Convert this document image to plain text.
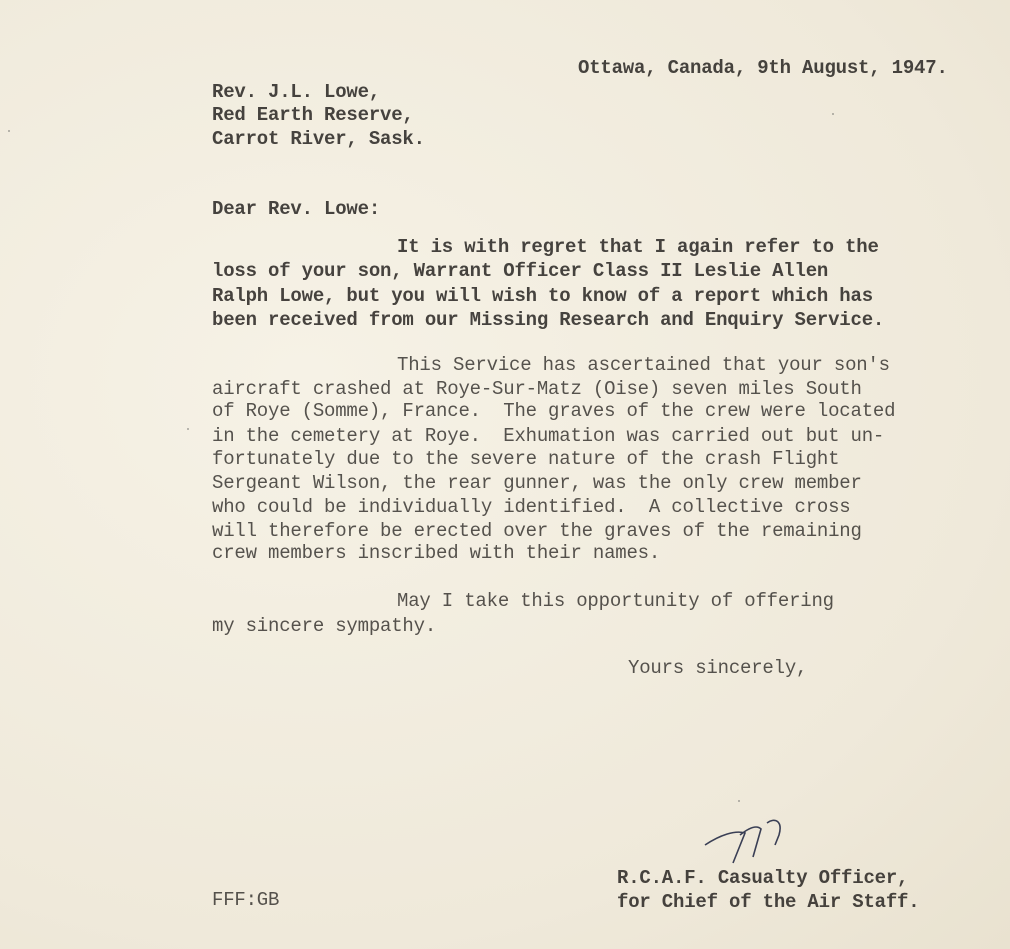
Ottawa, Canada, 9th August, 1947.
Rev. J.L. Lowe,
Red Earth Reserve,
Carrot River, Sask.
Dear Rev. Lowe:
It is with regret that I again refer to the
loss of your son, Warrant Officer Class II Leslie Allen
Ralph Lowe, but you will wish to know of a report which has
been received from our Missing Research and Enquiry Service.
This Service has ascertained that your son's
aircraft crashed at Roye-Sur-Matz (Oise) seven miles South
of Roye (Somme), France.  The graves of the crew were located
in the cemetery at Roye.  Exhumation was carried out but un-
fortunately due to the severe nature of the crash Flight
Sergeant Wilson, the rear gunner, was the only crew member
who could be individually identified.  A collective cross
will therefore be erected over the graves of the remaining
crew members inscribed with their names.
May I take this opportunity of offering
my sincere sympathy.
Yours sincerely,
R.C.A.F. Casualty Officer,
for Chief of the Air Staff.
FFF:GB
